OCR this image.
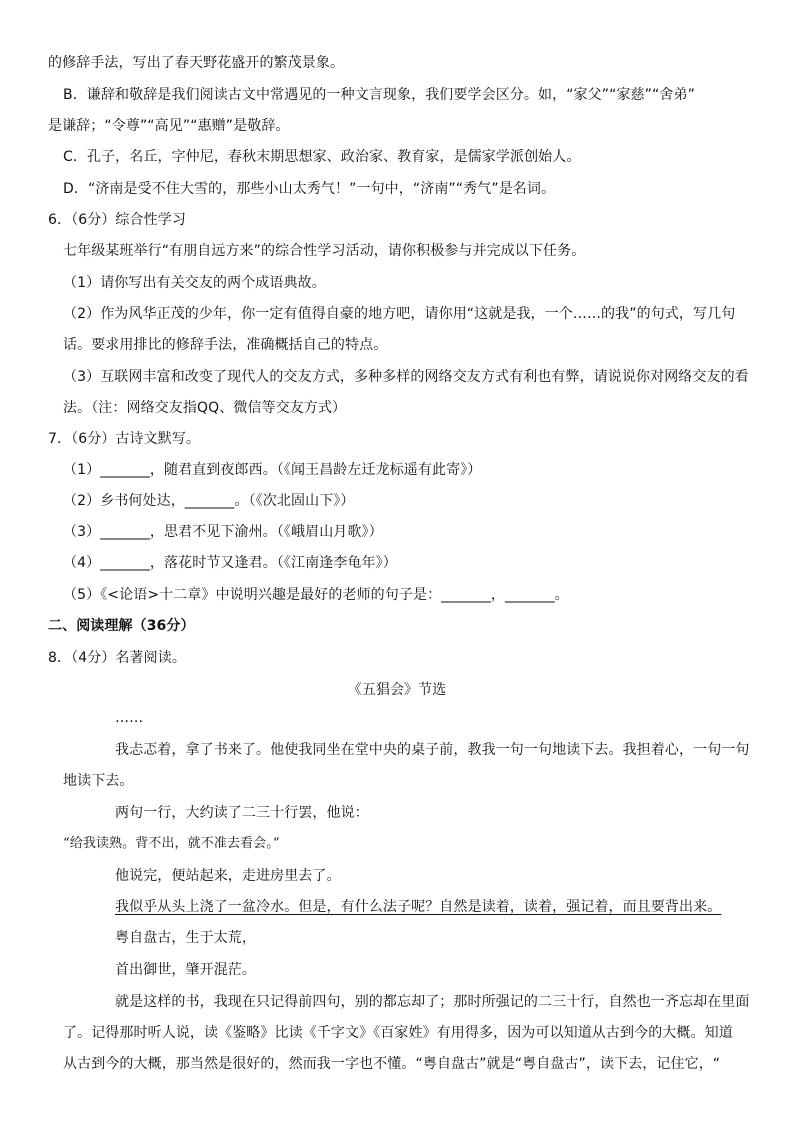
的修辞手法，写出了春天野花盛开的繁茂景象。
B．谦辞和敬辞是我们阅读古文中常遇见的一种文言现象，我们要学会区分。如，“家父”“家慈”“舍弟”
是谦辞；“令尊”“高见”“惠赠”是敬辞。
C．孔子，名丘，字仲尼，春秋末期思想家、政治家、教育家，是儒家学派创始人。
D．“济南是受不住大雪的，那些小山太秀气！”一句中，“济南”“秀气”是名词。
6．（6分）综合性学习
七年级某班举行“有朋自远方来”的综合性学习活动，请你积极参与并完成以下任务。
（1）请你写出有关交友的两个成语典故。
（2）作为风华正茂的少年，你一定有值得自豪的地方吧，请你用“这就是我，一个……的我”的句式，写几句
话。要求用排比的修辞手法，准确概括自己的特点。
（3）互联网丰富和改变了现代人的交友方式，多种多样的网络交友方式有利也有弊，请说说你对网络交友的看
法。（注：网络交友指QQ、微信等交友方式）
7．（6分）古诗文默写。
（1）_______，随君直到夜郎西。（《闻王昌龄左迁龙标遥有此寄》）
（2）乡书何处达，_______。（《次北固山下》）
（3）_______，思君不见下渝州。（《峨眉山月歌》）
（4）_______，落花时节又逢君。（《江南逢李龟年》）
（5）《<论语>十二章》中说明兴趣是最好的老师的句子是：_______，_______。
二、阅读理解（36分）
8．（4分）名著阅读。
《五猖会》节选
……
我忐忑着，拿了书来了。他使我同坐在堂中央的桌子前，教我一句一句地读下去。我担着心，一句一句
地读下去。
两句一行，大约读了二三十行罢，他说：
“给我读熟。背不出，就不准去看会。”
他说完，便站起来，走进房里去了。
我似乎从头上浇了一盆冷水。但是，有什么法子呢？自然是读着，读着，强记着，而且要背出来。
粤自盘古，生于太荒，
首出御世，肇开混茫。
就是这样的书，我现在只记得前四句，别的都忘却了；那时所强记的二三十行，自然也一齐忘却在里面
了。记得那时听人说，读《鉴略》比读《千字文》《百家姓》有用得多，因为可以知道从古到今的大概。知道
从古到今的大概，那当然是很好的，然而我一字也不懂。“粤自盘古”就是“粤自盘古”，读下去，记住它，“
